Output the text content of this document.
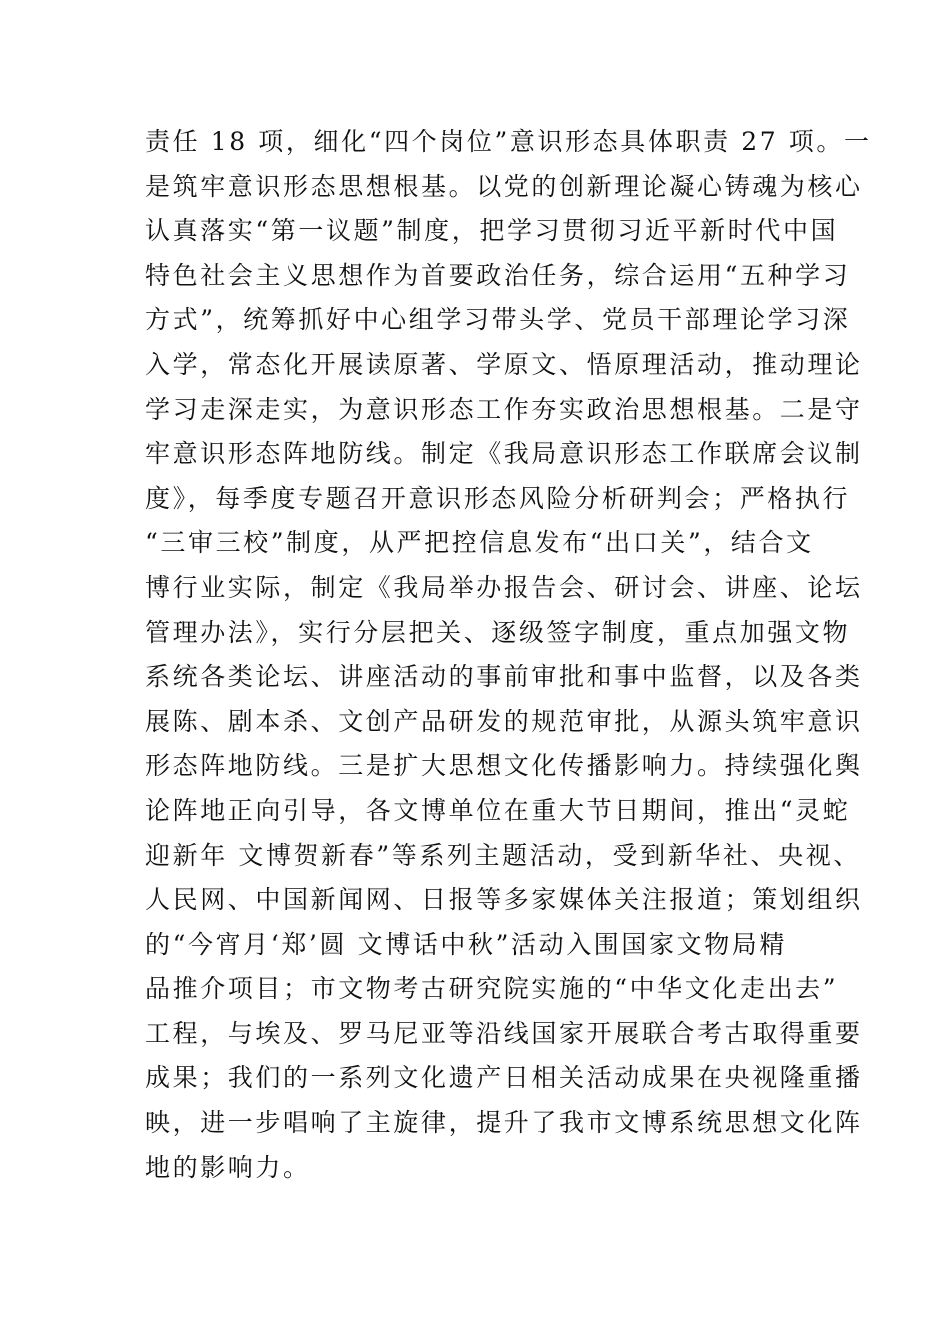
责任 18 项，细化“四个岗位”意识形态具体职责 27 项。一
是筑牢意识形态思想根基。以党的创新理论凝心铸魂为核心
认真落实“第一议题”制度，把学习贯彻习近平新时代中国
特色社会主义思想作为首要政治任务，综合运用“五种学习
方式”，统筹抓好中心组学习带头学、党员干部理论学习深
入学，常态化开展读原著、学原文、悟原理活动，推动理论
学习走深走实，为意识形态工作夯实政治思想根基。二是守
牢意识形态阵地防线。制定《我局意识形态工作联席会议制
度》，每季度专题召开意识形态风险分析研判会；严格执行
“三审三校”制度，从严把控信息发布“出口关”，结合文
博行业实际，制定《我局举办报告会、研讨会、讲座、论坛
管理办法》，实行分层把关、逐级签字制度，重点加强文物
系统各类论坛、讲座活动的事前审批和事中监督，以及各类
展陈、剧本杀、文创产品研发的规范审批，从源头筑牢意识
形态阵地防线。三是扩大思想文化传播影响力。持续强化舆
论阵地正向引导，各文博单位在重大节日期间，推出“灵蛇
迎新年 文博贺新春”等系列主题活动，受到新华社、央视、
人民网、中国新闻网、日报等多家媒体关注报道；策划组织
的“今宵月‘郑’圆 文博话中秋”活动入围国家文物局精
品推介项目；市文物考古研究院实施的“中华文化走出去”
工程，与埃及、罗马尼亚等沿线国家开展联合考古取得重要
成果；我们的一系列文化遗产日相关活动成果在央视隆重播
映，进一步唱响了主旋律，提升了我市文博系统思想文化阵
地的影响力。
